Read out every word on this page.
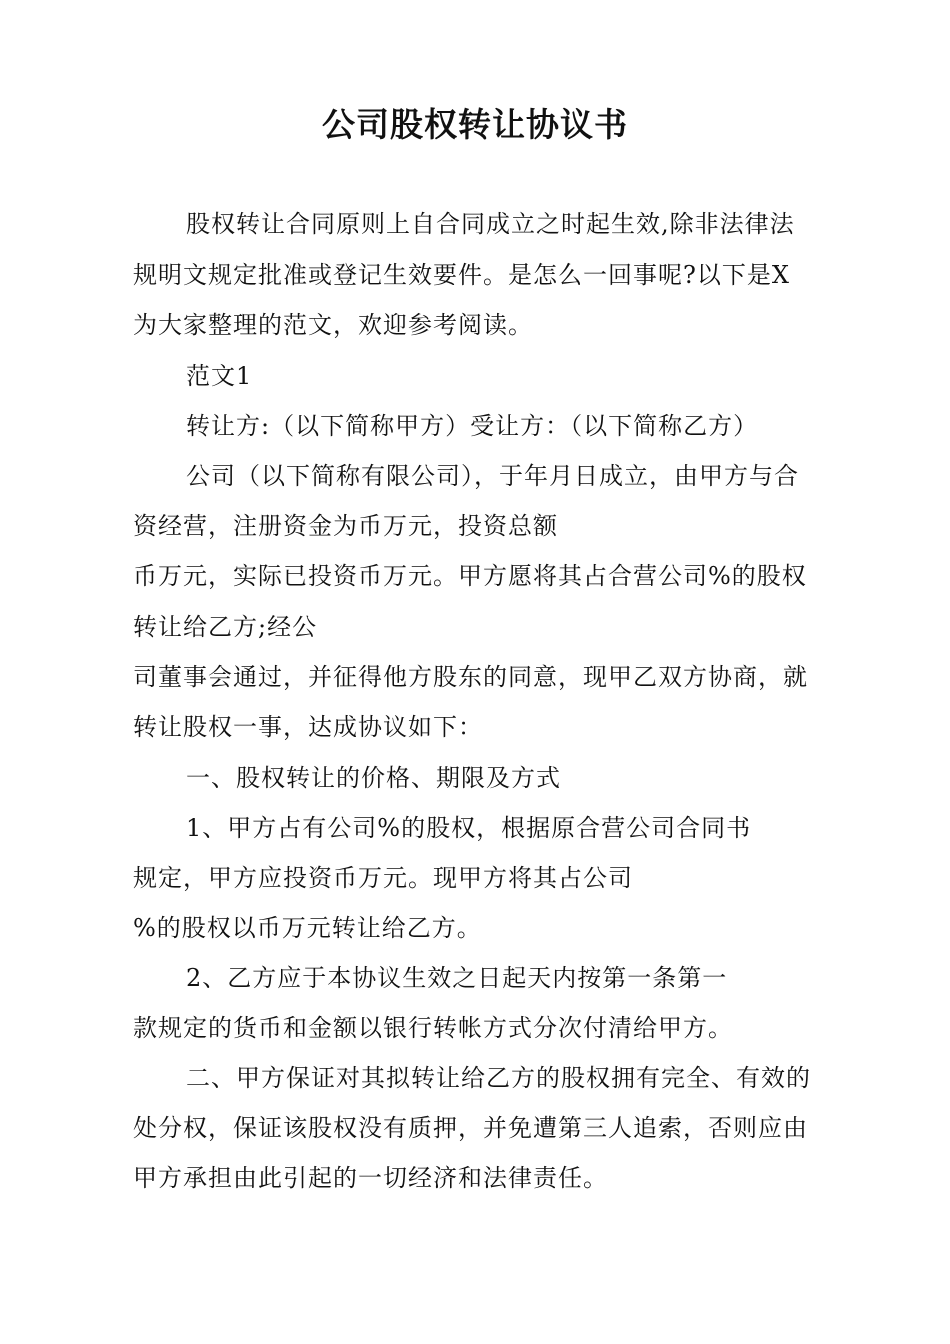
公司股权转让协议书
股权转让合同原则上自合同成立之时起生效,除非法律法
规明文规定批准或登记生效要件。是怎么一回事呢?以下是X
为大家整理的范文，欢迎参考阅读。
范文1
转让方:（以下简称甲方）受让方：（以下简称乙方）
公司（以下简称有限公司），于年月日成立，由甲方与合
资经营，注册资金为币万元，投资总额
币万元，实际已投资币万元。甲方愿将其占合营公司%的股权
转让给乙方;经公
司董事会通过，并征得他方股东的同意，现甲乙双方协商，就
转让股权一事，达成协议如下：
一、股权转让的价格、期限及方式
1、甲方占有公司%的股权，根据原合营公司合同书
规定，甲方应投资币万元。现甲方将其占公司
%的股权以币万元转让给乙方。
2、乙方应于本协议生效之日起天内按第一条第一
款规定的货币和金额以银行转帐方式分次付清给甲方。
二、甲方保证对其拟转让给乙方的股权拥有完全、有效的
处分权，保证该股权没有质押，并免遭第三人追索，否则应由
甲方承担由此引起的一切经济和法律责任。
